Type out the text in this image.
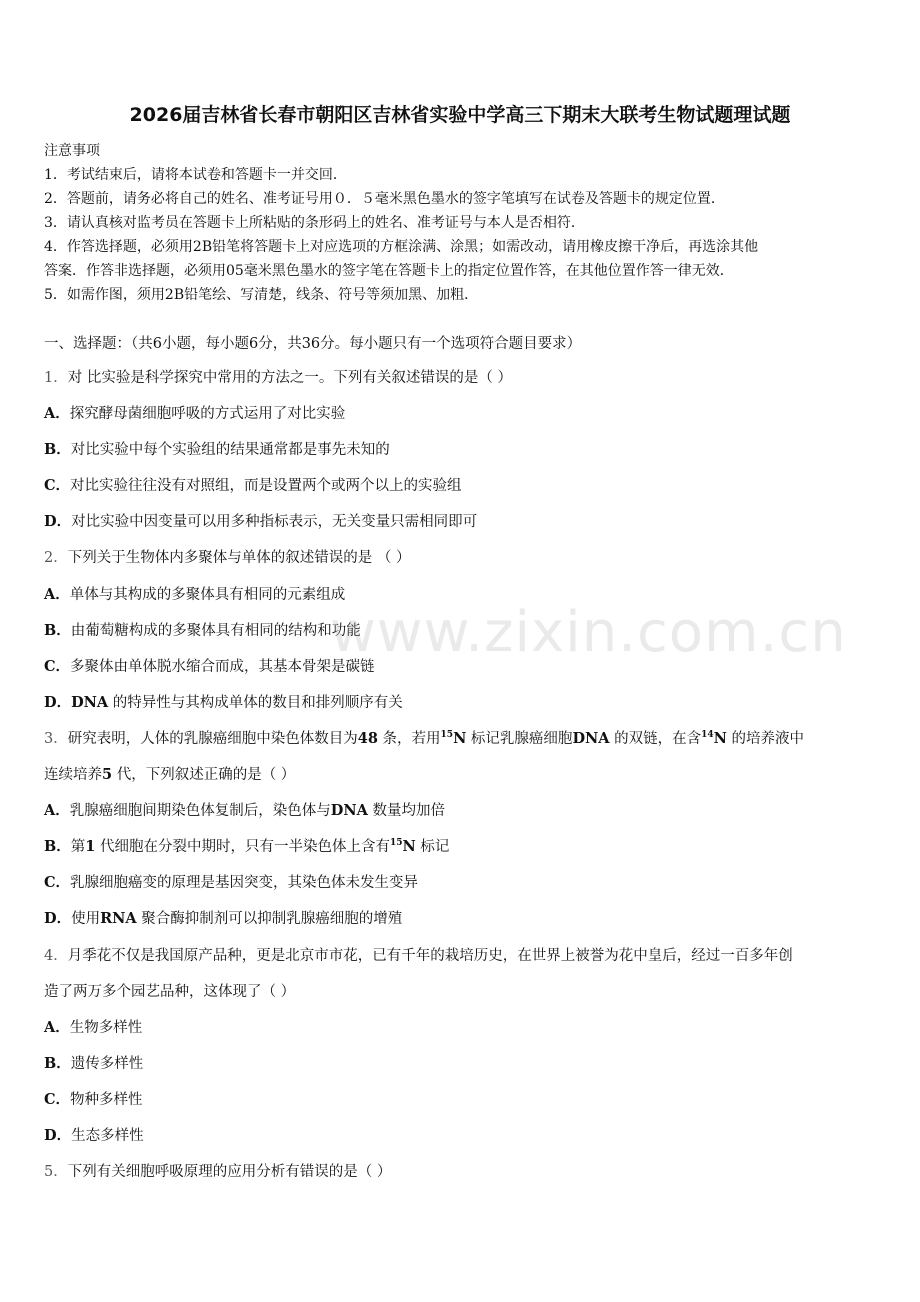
2026届吉林省长春市朝阳区吉林省实验中学高三下期末大联考生物试题理试题
注意事项
1．考试结束后，请将本试卷和答题卡一并交回．
2．答题前，请务必将自己的姓名、准考证号用０．５毫米黑色墨水的签字笔填写在试卷及答题卡的规定位置．
3．请认真核对监考员在答题卡上所粘贴的条形码上的姓名、准考证号与本人是否相符．
4．作答选择题，必须用2B铅笔将答题卡上对应选项的方框涂满、涂黑；如需改动，请用橡皮擦干净后，再选涂其他
答案．作答非选择题，必须用05毫米黑色墨水的签字笔在答题卡上的指定位置作答，在其他位置作答一律无效．
5．如需作图，须用2B铅笔绘、写清楚，线条、符号等须加黑、加粗．
一、选择题：（共6小题，每小题6分，共36分。每小题只有一个选项符合题目要求）
1．对 比实验是科学探究中常用的方法之一。下列有关叙述错误的是（ ）
A．探究酵母菌细胞呼吸的方式运用了对比实验
B．对比实验中每个实验组的结果通常都是事先未知的
C．对比实验往往没有对照组，而是设置两个或两个以上的实验组
D．对比实验中因变量可以用多种指标表示，无关变量只需相同即可
2．下列关于生物体内多聚体与单体的叙述错误的是 （ ）
A．单体与其构成的多聚体具有相同的元素组成
B．由葡萄糖构成的多聚体具有相同的结构和功能
C．多聚体由单体脱水缩合而成，其基本骨架是碳链
D．DNA 的特异性与其构成单体的数目和排列顺序有关
3．研究表明，人体的乳腺癌细胞中染色体数目为48 条，若用$^{15}$N 标记乳腺癌细胞DNA 的双链，在含$^{14}$N 的培养液中
连续培养5 代，下列叙述正确的是（ ）
A．乳腺癌细胞间期染色体复制后，染色体与DNA 数量均加倍
B．第1 代细胞在分裂中期时，只有一半染色体上含有$^{15}$N 标记
C．乳腺细胞癌变的原理是基因突变，其染色体未发生变异
D．使用RNA 聚合酶抑制剂可以抑制乳腺癌细胞的增殖
4．月季花不仅是我国原产品种，更是北京市市花，已有千年的栽培历史，在世界上被誉为花中皇后，经过一百多年创
造了两万多个园艺品种，这体现了（ ）
A．生物多样性
B．遗传多样性
C．物种多样性
D．生态多样性
5．下列有关细胞呼吸原理的应用分析有错误的是（ ）
www.zixin.com.cn
